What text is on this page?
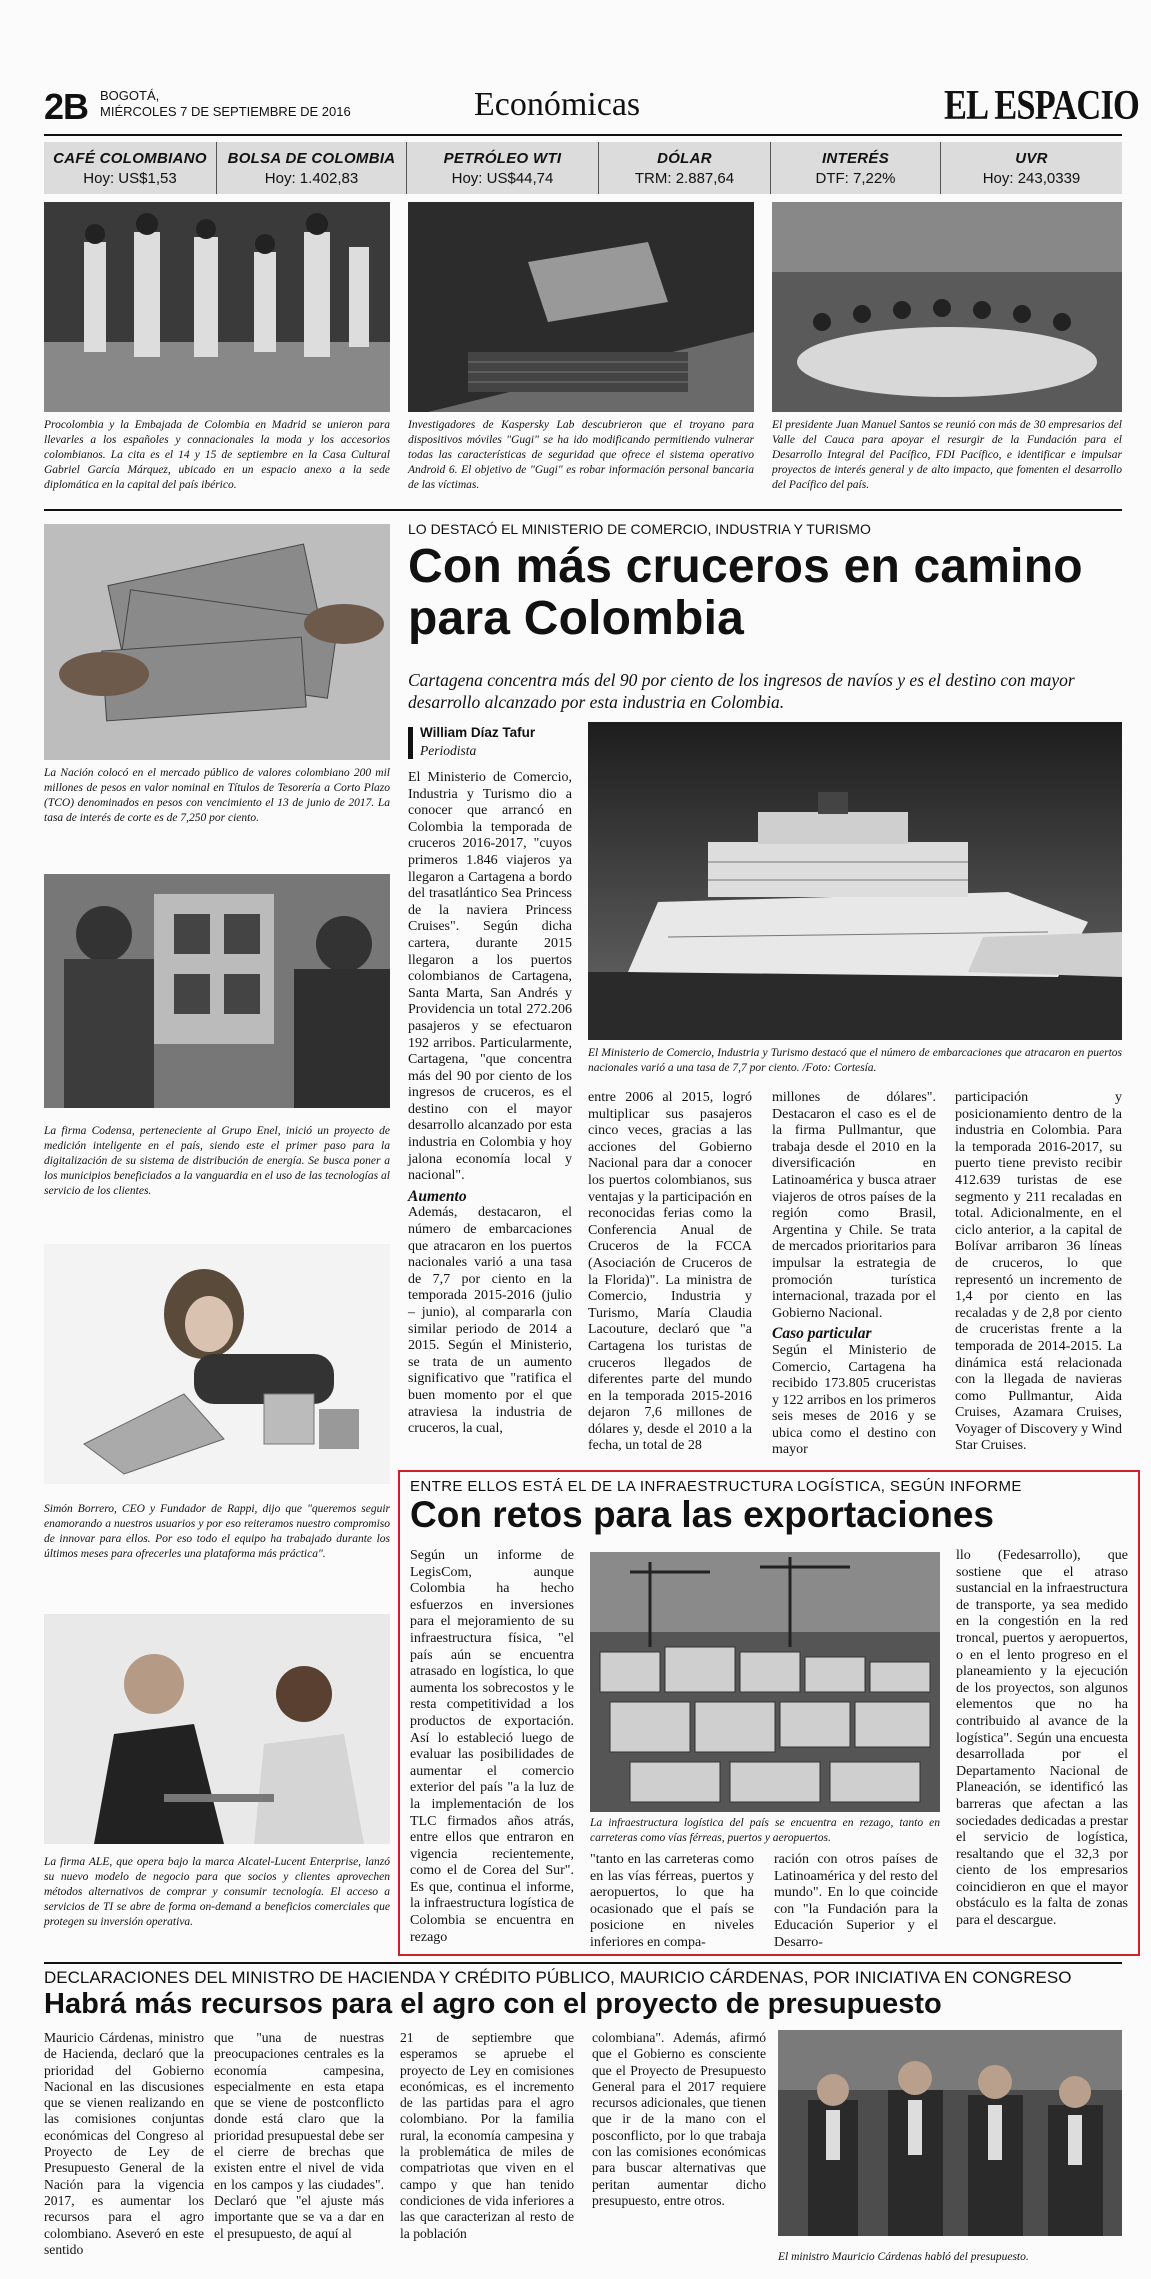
2B BOGOTÁ,
MIÉRCOLES 7 DE SEPTIEMBRE DE 2016	Económicas	EL ESPACIO
CAFÉ COLOMBIANO
Hoy: US$1,53
BOLSA DE COLOMBIA
Hoy: 1.402,83
PETRÓLEO WTI
Hoy: US$44,74
DÓLAR
TRM: 2.887,64
INTERÉS
DTF: 7,22%
UVR
Hoy: 243,0339
Procolombia y la Embajada de Colombia en Madrid se unieron para llevarles a los españoles y connacionales la moda y los accesorios colombianos. La cita es el 14 y 15 de septiembre en la Casa Cultural Gabriel García Márquez, ubicado en un espacio anexo a la sede diplomática en la capital del país ibérico.
Investigadores de Kaspersky Lab descubrieron que el troyano para dispositivos móviles "Gugi" se ha ido modificando permitiendo vulnerar todas las características de seguridad que ofrece el sistema operativo Android 6. El objetivo de "Gugi" es robar información personal bancaria de las víctimas.
El presidente Juan Manuel Santos se reunió con más de 30 empresarios del Valle del Cauca para apoyar el resurgir de la Fundación para el Desarrollo Integral del Pacífico, FDI Pacífico, e identificar e impulsar proyectos de interés general y de alto impacto, que fomenten el desarrollo del Pacífico del país.
La Nación colocó en el mercado público de valores colombiano 200 mil millones de pesos en valor nominal en Títulos de Tesorería a Corto Plazo (TCO) denominados en pesos con vencimiento el 13 de junio de 2017. La tasa de interés de corte es de 7,250 por ciento.
La firma Codensa, perteneciente al Grupo Enel, inició un proyecto de medición inteligente en el país, siendo este el primer paso para la digitalización de su sistema de distribución de energía. Se busca poner a los municipios beneficiados a la vanguardia en el uso de las tecnologías al servicio de los clientes.
Simón Borrero, CEO y Fundador de Rappi, dijo que "queremos seguir enamorando a nuestros usuarios y por eso reiteramos nuestro compromiso de innovar para ellos. Por eso todo el equipo ha trabajado durante los últimos meses para ofrecerles una plataforma más práctica".
La firma ALE, que opera bajo la marca Alcatel-Lucent Enterprise, lanzó su nuevo modelo de negocio para que socios y clientes aprovechen métodos alternativos de comprar y consumir tecnología. El acceso a servicios de TI se abre de forma on-demand a beneficios comerciales que protegen su inversión operativa.
LO DESTACÓ EL MINISTERIO DE COMERCIO, INDUSTRIA Y TURISMO
Con más cruceros en camino para Colombia
Cartagena concentra más del 90 por ciento de los ingresos de navíos y es el destino con mayor desarrollo alcanzado por esta industria en Colombia.
William Díaz Tafur
Periodista
El Ministerio de Comercio, Industria y Turismo dio a conocer que arrancó en Colombia la temporada de cruceros 2016-2017, "cuyos primeros 1.846 viajeros ya llegaron a Cartagena a bordo del trasatlántico Sea Princess de la naviera Princess Cruises". Según dicha cartera, durante 2015 llegaron a los puertos colombianos de Cartagena, Santa Marta, San Andrés y Providencia un total 272.206 pasajeros y se efectuaron 192 arribos. Particularmente, Cartagena, "que concentra más del 90 por ciento de los ingresos de cruceros, es el destino con el mayor desarrollo alcanzado por esta industria en Colombia y hoy jalona economía local y nacional".
Aumento
Además, destacaron, el número de embarcaciones que atracaron en los puertos nacionales varió a una tasa de 7,7 por ciento en la temporada 2015-2016 (julio – junio), al compararla con similar periodo de 2014 a 2015. Según el Ministerio, se trata de un aumento significativo que "ratifica el buen momento por el que atraviesa la industria de cruceros, la cual,
El Ministerio de Comercio, Industria y Turismo destacó que el número de embarcaciones que atracaron en puertos nacionales varió a una tasa de 7,7 por ciento. /Foto: Cortesía.
entre 2006 al 2015, logró multiplicar sus pasajeros cinco veces, gracias a las acciones del Gobierno Nacional para dar a conocer los puertos colombianos, sus ventajas y la participación en reconocidas ferias como la Conferencia Anual de Cruceros de la FCCA (Asociación de Cruceros de la Florida)". La ministra de Comercio, Industria y Turismo, María Claudia Lacouture, declaró que "a Cartagena los turistas de cruceros llegados de diferentes parte del mundo en la temporada 2015-2016 dejaron 7,6 millones de dólares y, desde el 2010 a la fecha, un total de 28
millones de dólares". Destacaron el caso es el de la firma Pullmantur, que trabaja desde el 2010 en la diversificación en Latinoamérica y busca atraer viajeros de otros países de la región como Brasil, Argentina y Chile. Se trata de mercados prioritarios para impulsar la estrategia de promoción turística internacional, trazada por el Gobierno Nacional.
Caso particular
Según el Ministerio de Comercio, Cartagena ha recibido 173.805 cruceristas y 122 arribos en los primeros seis meses de 2016 y se ubica como el destino con mayor
participación y posicionamiento dentro de la industria en Colombia. Para la temporada 2016-2017, su puerto tiene previsto recibir 412.639 turistas de ese segmento y 211 recaladas en total. Adicionalmente, en el ciclo anterior, a la capital de Bolívar arribaron 36 líneas de cruceros, lo que representó un incremento de 1,4 por ciento en las recaladas y de 2,8 por ciento de cruceristas frente a la temporada de 2014-2015. La dinámica está relacionada con la llegada de navieras como Pullmantur, Aida Cruises, Azamara Cruises, Voyager of Discovery y Wind Star Cruises.
ENTRE ELLOS ESTÁ EL DE LA INFRAESTRUCTURA LOGÍSTICA, SEGÚN INFORME
Con retos para las exportaciones
Según un informe de LegisCom, aunque Colombia ha hecho esfuerzos en inversiones para el mejoramiento de su infraestructura física, "el país aún se encuentra atrasado en logística, lo que aumenta los sobrecostos y le resta competitividad a los productos de exportación. Así lo estableció luego de evaluar las posibilidades de aumentar el comercio exterior del país "a la luz de la implementación de los TLC firmados años atrás, entre ellos que entraron en vigencia recientemente, como el de Corea del Sur". Es que, continua el informe, la infraestructura logística de Colombia se encuentra en rezago
La infraestructura logística del país se encuentra en rezago, tanto en carreteras como vías férreas, puertos y aeropuertos.
"tanto en las carreteras como en las vías férreas, puertos y aeropuertos, lo que ha ocasionado que el país se posicione en niveles inferiores en compa-
ración con otros países de Latinoamérica y del resto del mundo". En lo que coincide con "la Fundación para la Educación Superior y el Desarro-
llo (Fedesarrollo), que sostiene que el atraso sustancial en la infraestructura de transporte, ya sea medido en la congestión en la red troncal, puertos y aeropuertos, o en el lento progreso en el planeamiento y la ejecución de los proyectos, son algunos elementos que no ha contribuido al avance de la logística". Según una encuesta desarrollada por el Departamento Nacional de Planeación, se identificó las barreras que afectan a las sociedades dedicadas a prestar el servicio de logística, resaltando que el 32,3 por ciento de los empresarios coincidieron en que el mayor obstáculo es la falta de zonas para el descargue.
DECLARACIONES DEL MINISTRO DE HACIENDA Y CRÉDITO PÚBLICO, MAURICIO CÁRDENAS, POR INICIATIVA EN CONGRESO
Habrá más recursos para el agro con el proyecto de presupuesto
Mauricio Cárdenas, ministro de Hacienda, declaró que la prioridad del Gobierno Nacional en las discusiones que se vienen realizando en las comisiones conjuntas económicas del Congreso al Proyecto de Ley de Presupuesto General de la Nación para la vigencia 2017, es aumentar los recursos para el agro colombiano. Aseveró en este sentido
que "una de nuestras preocupaciones centrales es la economía campesina, especialmente en esta etapa que se viene de postconflicto donde está claro que la prioridad presupuestal debe ser el cierre de brechas que existen entre el nivel de vida en los campos y las ciudades". Declaró que "el ajuste más importante que se va a dar en el presupuesto, de aquí al
21 de septiembre que esperamos se apruebe el proyecto de Ley en comisiones económicas, es el incremento de las partidas para el agro colombiano. Por la familia rural, la economía campesina y la problemática de miles de compatriotas que viven en el campo y que han tenido condiciones de vida inferiores a las que caracterizan al resto de la población
colombiana". Además, afirmó que el Gobierno es consciente que el Proyecto de Presupuesto General para el 2017 requiere recursos adicionales, que tienen que ir de la mano con el posconflicto, por lo que trabaja con las comisiones económicas para buscar alternativas que peritan aumentar dicho presupuesto, entre otros.
El ministro Mauricio Cárdenas habló del presupuesto.
